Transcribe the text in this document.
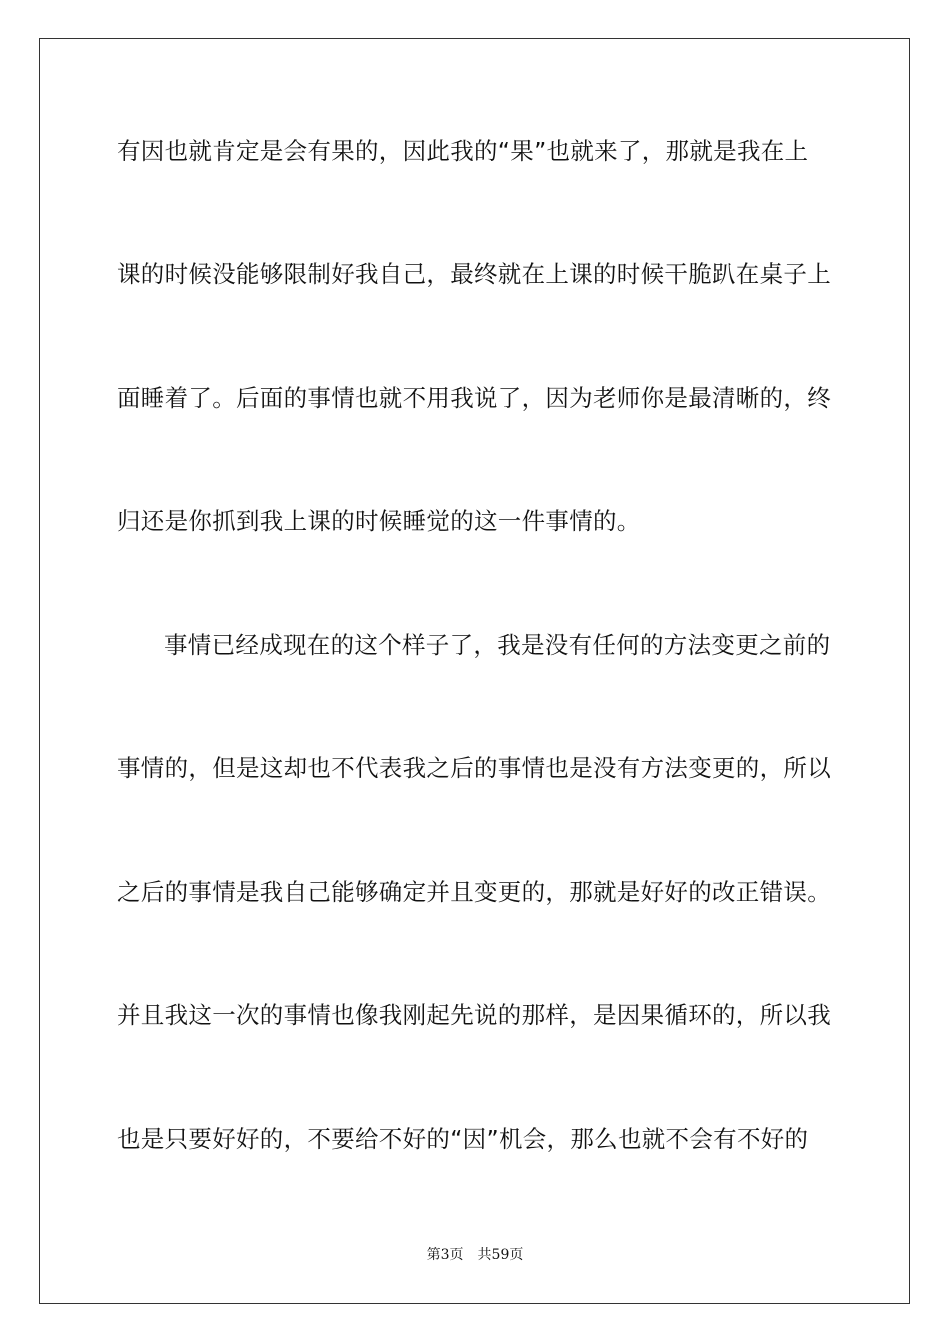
有因也就肯定是会有果的，因此我的“果”也就来了，那就是我在上
课的时候没能够限制好我自己，最终就在上课的时候干脆趴在桌子上
面睡着了。后面的事情也就不用我说了，因为老师你是最清晰的，终
归还是你抓到我上课的时候睡觉的这一件事情的。
事情已经成现在的这个样子了，我是没有任何的方法变更之前的
事情的，但是这却也不代表我之后的事情也是没有方法变更的，所以
之后的事情是我自己能够确定并且变更的，那就是好好的改正错误。
并且我这一次的事情也像我刚起先说的那样，是因果循环的，所以我
也是只要好好的，不要给不好的“因”机会，那么也就不会有不好的
第3页 共59页
